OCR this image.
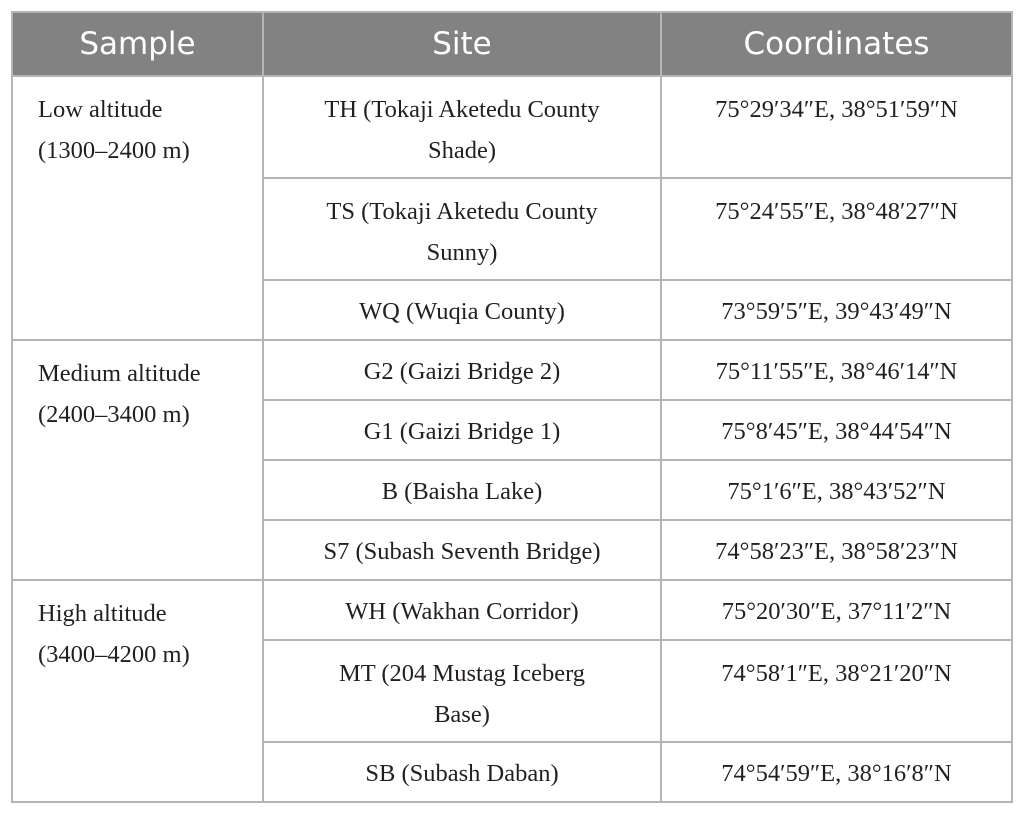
Sample	Site	Coordinates

Low altitude
(1300–2400 m)	TH (Tokaji Aketedu County Shade)	75°29′34″E, 38°51′59″N
	TS (Tokaji Aketedu County Sunny)	75°24′55″E, 38°48′27″N
	WQ (Wuqia County)	73°59′5″E, 39°43′49″N

Medium altitude
(2400–3400 m)	G2 (Gaizi Bridge 2)	75°11′55″E, 38°46′14″N
	G1 (Gaizi Bridge 1)	75°8′45″E, 38°44′54″N
	B (Baisha Lake)	75°1′6″E, 38°43′52″N
	S7 (Subash Seventh Bridge)	74°58′23″E, 38°58′23″N

High altitude
(3400–4200 m)	WH (Wakhan Corridor)	75°20′30″E, 37°11′2″N
	MT (204 Mustag Iceberg Base)	74°58′1″E, 38°21′20″N
	SB (Subash Daban)	74°54′59″E, 38°16′8″N
